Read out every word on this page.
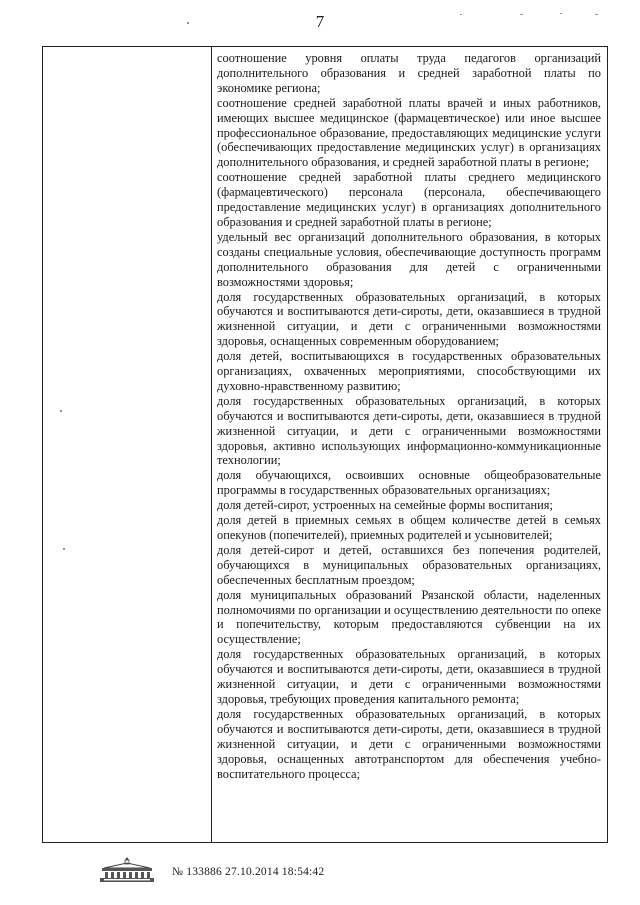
7

соотношение уровня оплаты труда педагогов организаций дополнительного образования и средней заработной платы по экономике региона;

соотношение средней заработной платы врачей и иных работников, имеющих высшее медицинское (фармацевтическое) или иное высшее профессиональное образование, предоставляющих медицинские услуги (обеспечивающих предоставление медицинских услуг) в организациях дополнительного образования, и средней заработной платы в регионе;

соотношение средней заработной платы среднего медицинского (фармацевтического) персонала (персонала, обеспечивающего предоставление медицинских услуг) в организациях дополнительного образования и средней заработной платы в регионе;

удельный вес организаций дополнительного образования, в которых созданы специальные условия, обеспечивающие доступность программ дополнительного образования для детей с ограниченными возможностями здоровья;

доля государственных образовательных организаций, в которых обучаются и воспитываются дети-сироты, дети, оказавшиеся в трудной жизненной ситуации, и дети с ограниченными возможностями здоровья, оснащенных современным оборудованием;

доля детей, воспитывающихся в государственных образовательных организациях, охваченных мероприятиями, способствующими их духовно-нравственному развитию;

доля государственных образовательных организаций, в которых обучаются и воспитываются дети-сироты, дети, оказавшиеся в трудной жизненной ситуации, и дети с ограниченными возможностями здоровья, активно использующих информационно-коммуникационные технологии;

доля обучающихся, освоивших основные общеобразовательные программы в государственных образовательных организациях;

доля детей-сирот, устроенных на семейные формы воспитания;

доля детей в приемных семьях в общем количестве детей в семьях опекунов (попечителей), приемных родителей и усыновителей;

доля детей-сирот и детей, оставшихся без попечения родителей, обучающихся в муниципальных образовательных организациях, обеспеченных бесплатным проездом;

доля муниципальных образований Рязанской области, наделенных полномочиями по организации и осуществлению деятельности по опеке и попечительству, которым предоставляются субвенции на их осуществление;

доля государственных образовательных организаций, в которых обучаются и воспитываются дети-сироты, дети, оказавшиеся в трудной жизненной ситуации, и дети с ограниченными возможностями здоровья, требующих проведения капитального ремонта;

доля государственных образовательных организаций, в которых обучаются и воспитываются дети-сироты, дети, оказавшиеся в трудной жизненной ситуации, и дети с ограниченными возможностями здоровья, оснащенных автотранспортом для обеспечения учебно-воспитательного процесса;

№ 133886 27.10.2014 18:54:42
